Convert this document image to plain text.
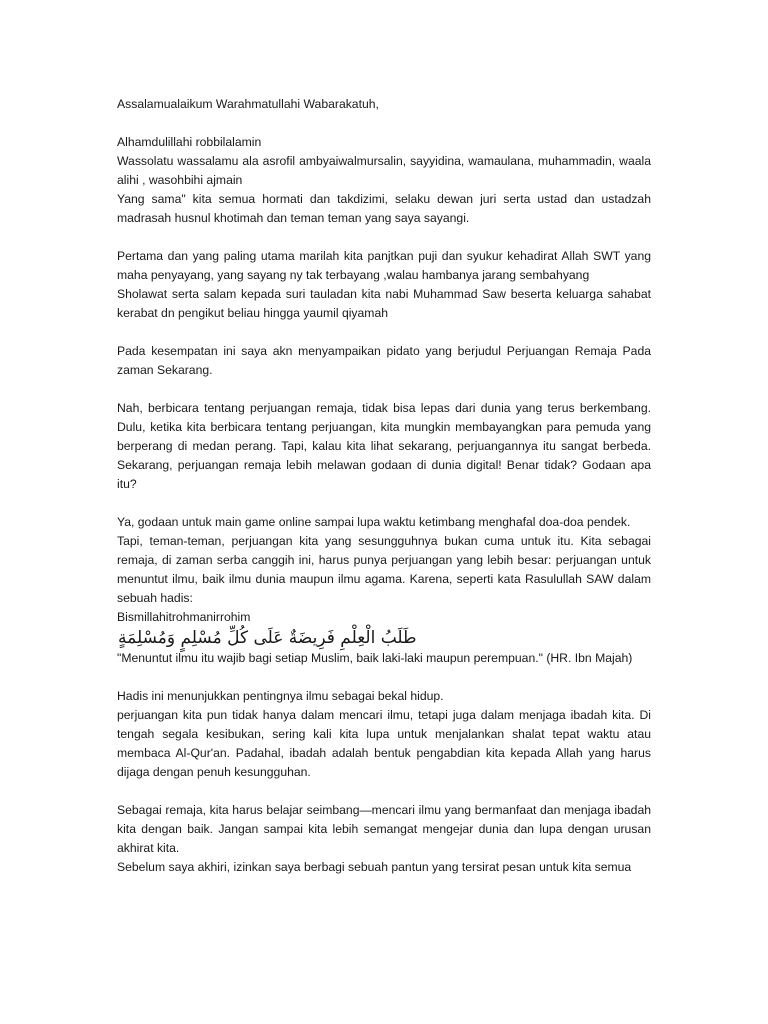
Assalamualaikum Warahmatullahi Wabarakatuh,

Alhamdulillahi robbilalamin
Wassolatu wassalamu ala asrofil ambyaiwalmursalin, sayyidina, wamaulana, muhammadin, waala alihi , wasohbihi ajmain
Yang sama" kita semua hormati dan takdizimi, selaku dewan juri serta ustad dan ustadzah madrasah husnul khotimah dan teman teman yang saya sayangi.
Pertama dan yang paling utama marilah kita panjtkan puji dan syukur kehadirat Allah SWT yang maha penyayang, yang sayang ny tak terbayang ,walau hambanya jarang sembahyang
Sholawat serta salam kepada suri tauladan kita nabi Muhammad Saw beserta keluarga sahabat kerabat dn pengikut beliau hingga yaumil qiyamah

Pada kesempatan ini saya akn menyampaikan pidato yang berjudul Perjuangan Remaja Pada zaman Sekarang.

Nah, berbicara tentang perjuangan remaja, tidak bisa lepas dari dunia yang terus berkembang. Dulu, ketika kita berbicara tentang perjuangan, kita mungkin membayangkan para pemuda yang berperang di medan perang. Tapi, kalau kita lihat sekarang, perjuangannya itu sangat berbeda. Sekarang, perjuangan remaja lebih melawan godaan di dunia digital! Benar tidak? Godaan apa itu?

Ya, godaan untuk main game online sampai lupa waktu ketimbang menghafal doa-doa pendek.
Tapi, teman-teman, perjuangan kita yang sesungguhnya bukan cuma untuk itu. Kita sebagai remaja, di zaman serba canggih ini, harus punya perjuangan yang lebih besar: perjuangan untuk menuntut ilmu, baik ilmu dunia maupun ilmu agama. Karena, seperti kata Rasulullah SAW dalam sebuah hadis:
Bismillahitrohmanirrohim
طَلَبُ الْعِلْمِ فَرِيضَةٌ عَلَى كُلِّ مُسْلِمٍ وَمُسْلِمَةٍ
"Menuntut ilmu itu wajib bagi setiap Muslim, baik laki-laki maupun perempuan." (HR. Ibn Majah)
Hadis ini menunjukkan pentingnya ilmu sebagai bekal hidup.
perjuangan kita pun tidak hanya dalam mencari ilmu, tetapi juga dalam menjaga ibadah kita. Di tengah segala kesibukan, sering kali kita lupa untuk menjalankan shalat tepat waktu atau membaca Al-Qur'an. Padahal, ibadah adalah bentuk pengabdian kita kepada Allah yang harus dijaga dengan penuh kesungguhan.
Sebagai remaja, kita harus belajar seimbang—mencari ilmu yang bermanfaat dan menjaga ibadah kita dengan baik. Jangan sampai kita lebih semangat mengejar dunia dan lupa dengan urusan akhirat kita.
Sebelum saya akhiri, izinkan saya berbagi sebuah pantun yang tersirat pesan untuk kita semua
